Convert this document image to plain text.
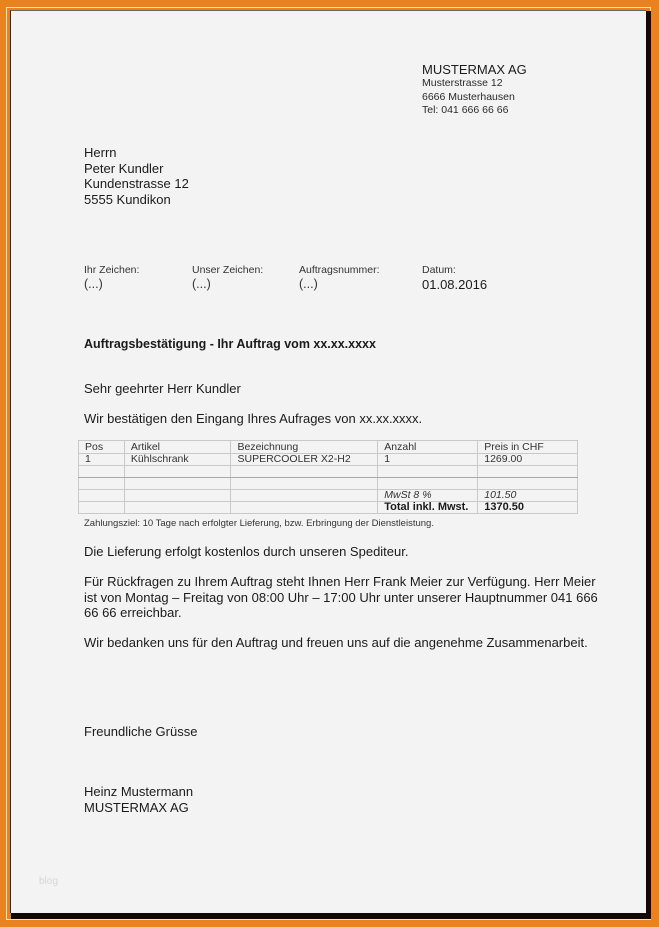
MUSTERMAX AG
Musterstrasse 12
6666 Musterhausen
Tel: 041 666 66 66
Herrn
Peter Kundler
Kundenstrasse 12
5555 Kundikon
Ihr Zeichen:
(...)
Unser Zeichen:
(...)
Auftragsnummer:
(...)
Datum:
01.08.2016
Auftragsbestätigung - Ihr Auftrag vom xx.xx.xxxx
Sehr geehrter Herr Kundler
Wir bestätigen den Eingang Ihres Aufrages von xx.xx.xxxx.
Pos	Artikel	Bezeichnung	Anzahl	Preis in CHF
1	Kühlschrank	SUPERCOOLER X2-H2	1	1269.00

			MwSt 8 %	101.50
			Total inkl. Mwst.	1370.50
Zahlungsziel: 10 Tage nach erfolgter Lieferung, bzw. Erbringung der Dienstleistung.
Die Lieferung erfolgt kostenlos durch unseren Spediteur.
Für Rückfragen zu Ihrem Auftrag steht Ihnen Herr Frank Meier zur Verfügung. Herr Meier ist von Montag – Freitag von 08:00 Uhr – 17:00 Uhr unter unserer Hauptnummer 041 666 66 66 erreichbar.
Wir bedanken uns für den Auftrag und freuen uns auf die angenehme Zusammenarbeit.
Freundliche Grüsse
Heinz Mustermann
MUSTERMAX AG
blog
